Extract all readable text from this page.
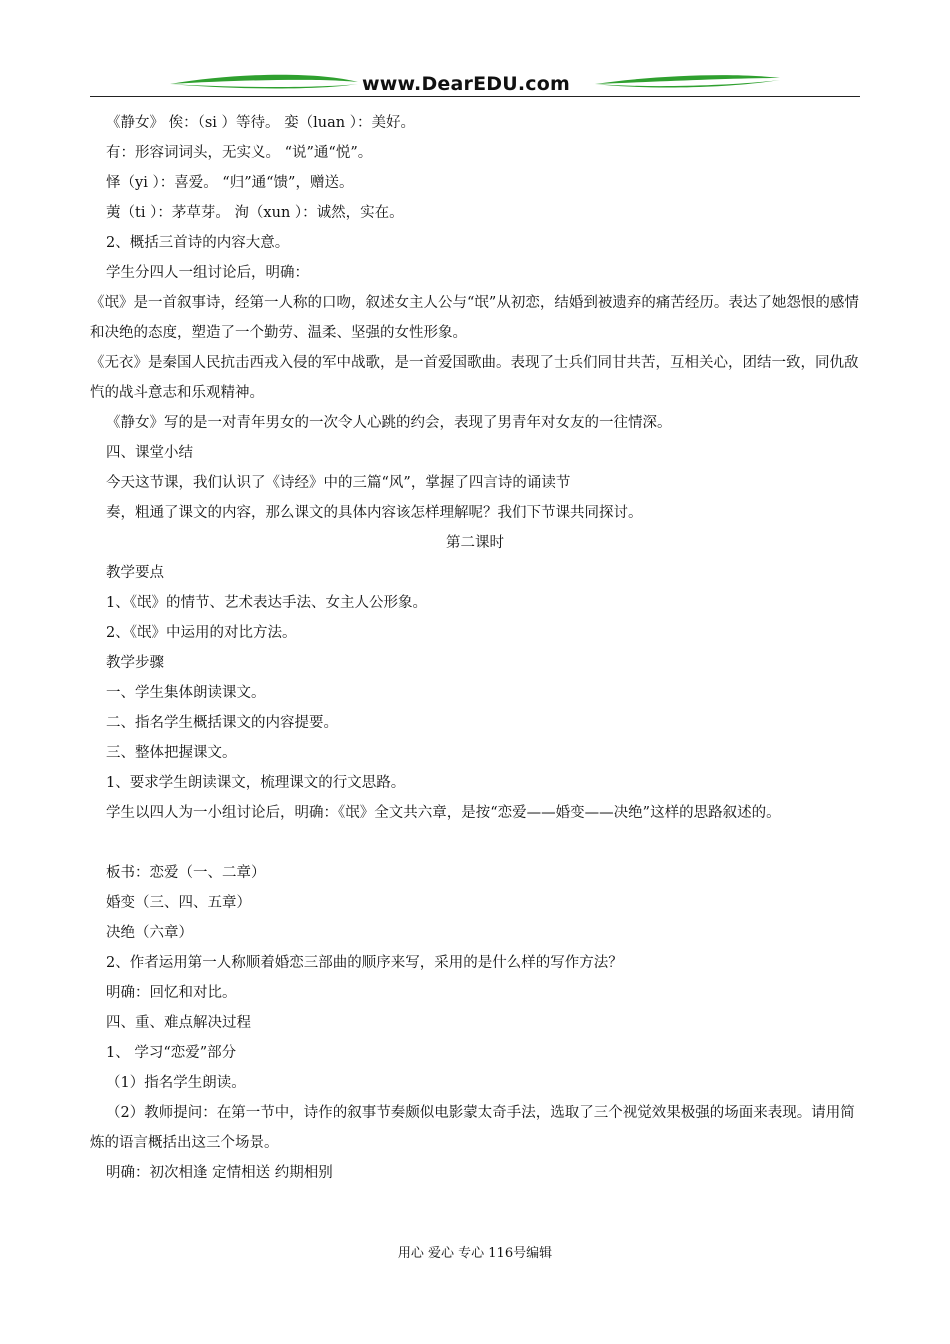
www.DearEDU.com
《静女》 俟：（si ）等待。 娈（luan ）：美好。
有：形容词词头，无实义。 “说”通“悦”。
怿（yi ）：喜爱。 “归”通“馈”，赠送。
荑（ti ）：茅草芽。 洵（xun ）：诚然，实在。
2、概括三首诗的内容大意。
学生分四人一组讨论后，明确：
《氓》是一首叙事诗，经第一人称的口吻，叙述女主人公与“氓”从初恋，结婚到被遗弃的痛苦经历。表达了她怨恨的感情和决绝的态度，塑造了一个勤劳、温柔、坚强的女性形象。
《无衣》是秦国人民抗击西戎入侵的军中战歌，是一首爱国歌曲。表现了士兵们同甘共苦，互相关心，团结一致，同仇敌忾的战斗意志和乐观精神。
《静女》写的是一对青年男女的一次令人心跳的约会，表现了男青年对女友的一往情深。
四、课堂小结
今天这节课，我们认识了《诗经》中的三篇“风”，掌握了四言诗的诵读节
奏，粗通了课文的内容，那么课文的具体内容该怎样理解呢？我们下节课共同探讨。
第二课时
教学要点
1、《氓》的情节、艺术表达手法、女主人公形象。
2、《氓》中运用的对比方法。
教学步骤
一、学生集体朗读课文。
二、指名学生概括课文的内容提要。
三、整体把握课文。
1、要求学生朗读课文，梳理课文的行文思路。
学生以四人为一小组讨论后，明确：《氓》全文共六章，是按“恋爱——婚变——决绝”这样的思路叙述的。
板书：恋爱（一、二章）
婚变（三、四、五章）
决绝（六章）
2、作者运用第一人称顺着婚恋三部曲的顺序来写，采用的是什么样的写作方法？
明确：回忆和对比。
四、重、难点解决过程
1、 学习“恋爱”部分
（1）指名学生朗读。
（2）教师提问：在第一节中，诗作的叙事节奏颇似电影蒙太奇手法，选取了三个视觉效果极强的场面来表现。请用简炼的语言概括出这三个场景。
明确：初次相逢 定情相送 约期相别
用心 爱心 专心 116号编辑
